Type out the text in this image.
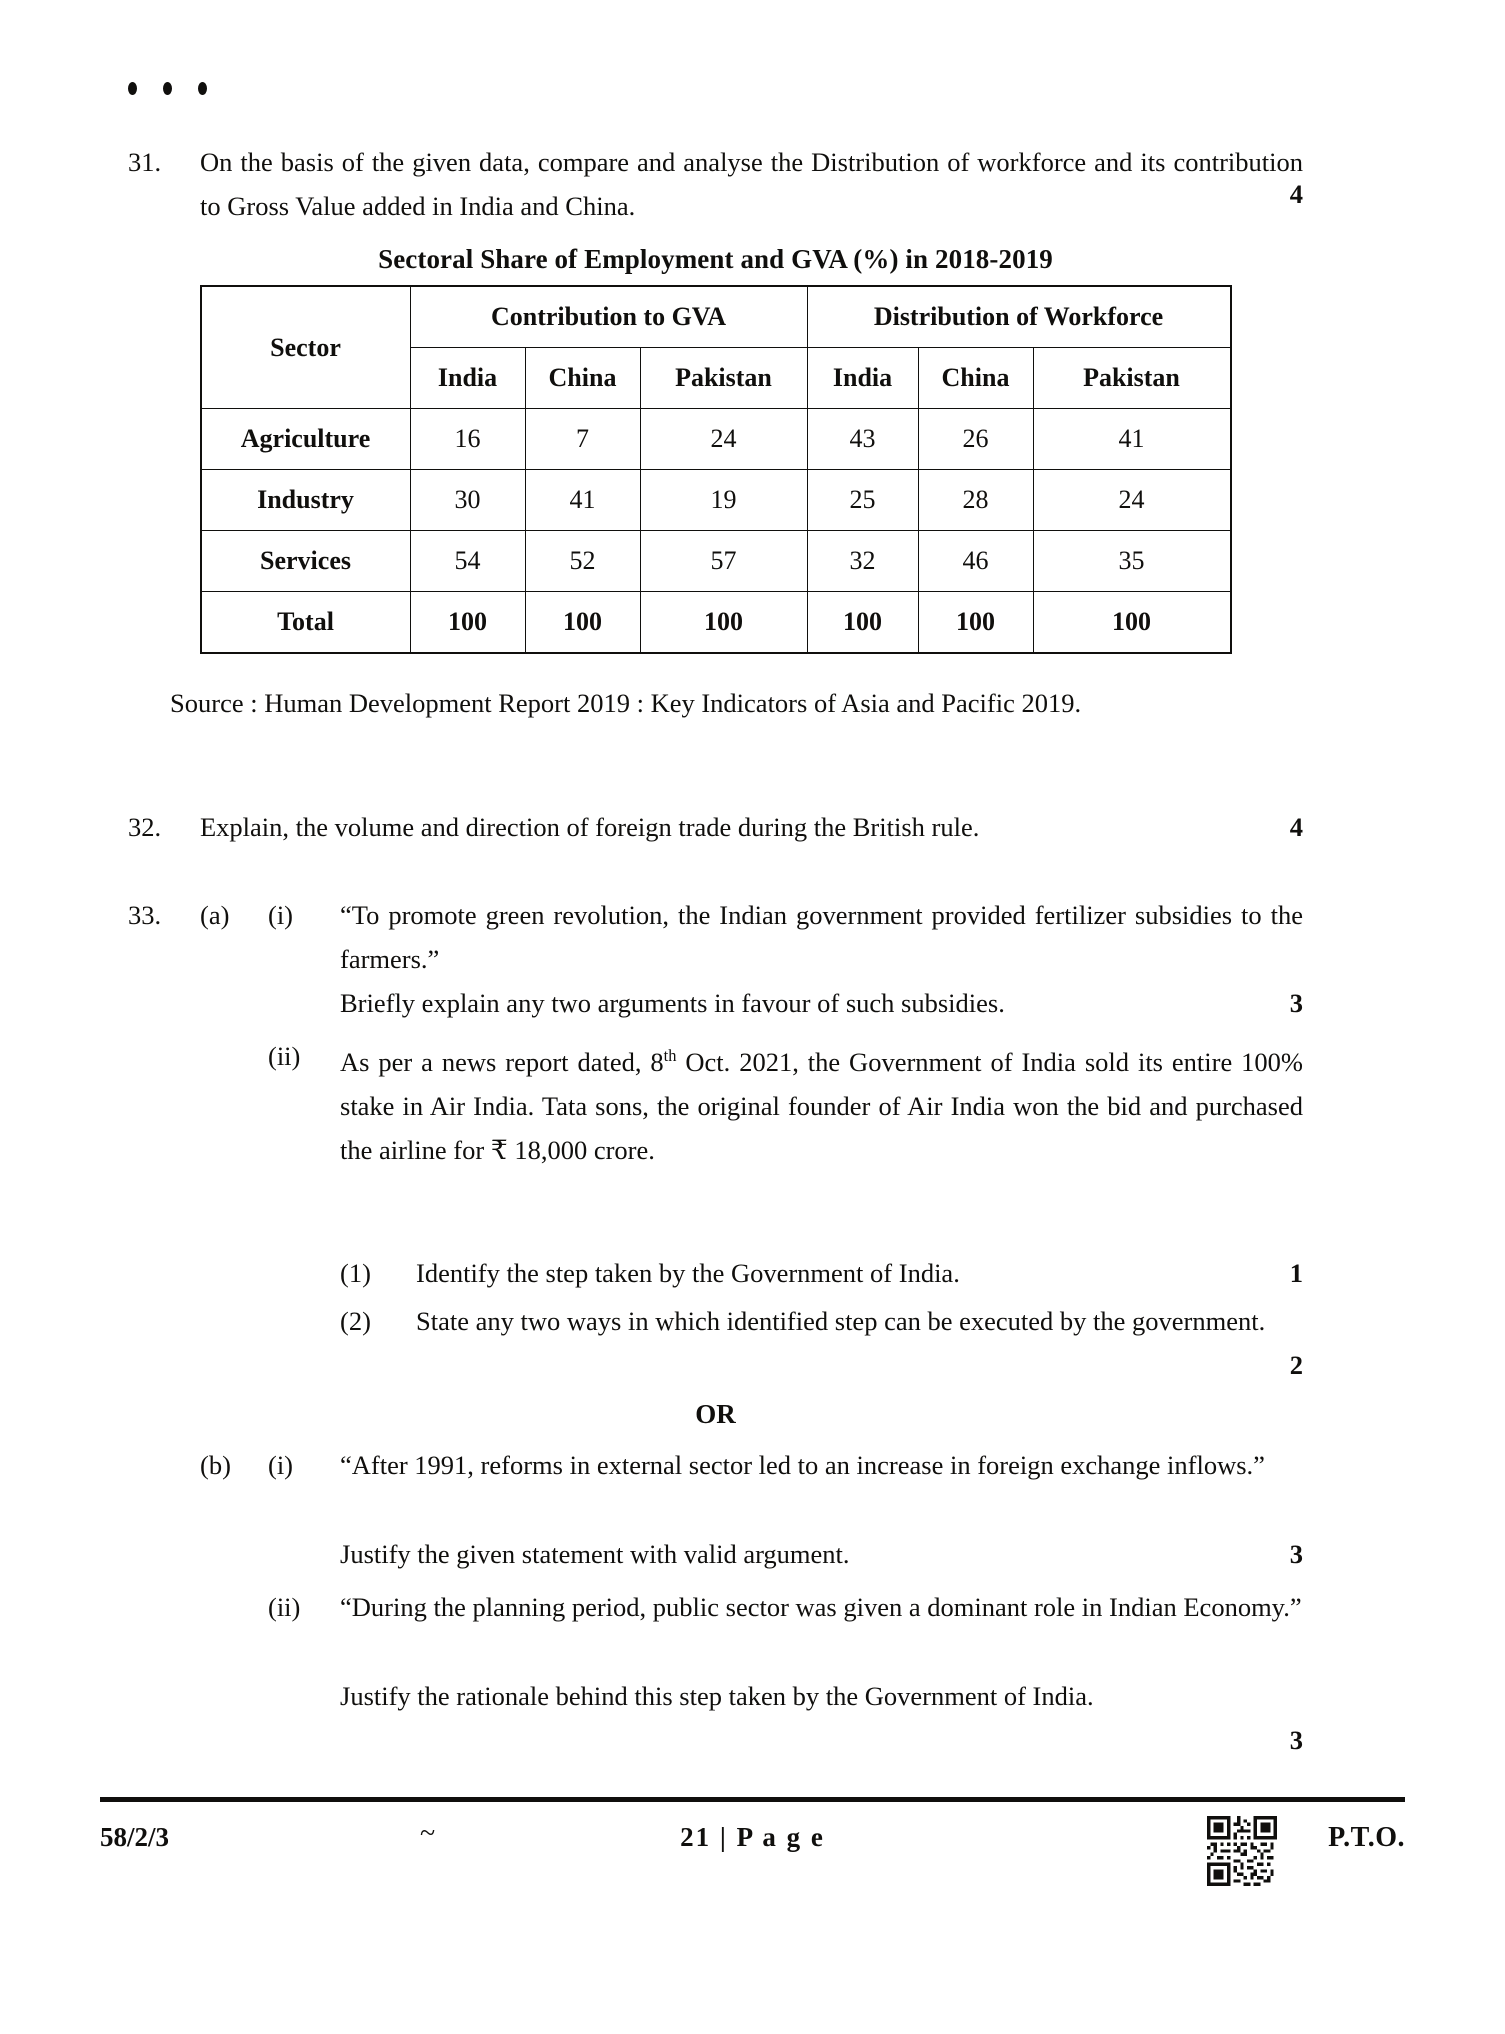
31.	On the basis of the given data, compare and analyse the Distribution of workforce and its contribution to Gross Value added in India and China.	4
Sectoral Share of Employment and GVA (%) in 2018-2019
Sector	Contribution to GVA			Distribution of Workforce		
	India	China	Pakistan	India	China	Pakistan
Agriculture	16	7	24	43	26	41
Industry	30	41	19	25	28	24
Services	54	52	57	32	46	35
Total	100	100	100	100	100	100
Source : Human Development Report 2019 : Key Indicators of Asia and Pacific 2019.
32.	Explain, the volume and direction of foreign trade during the British rule.	4
33.	(a)	(i)	“To promote green revolution, the Indian government provided fertilizer subsidies to the farmers.”
Briefly explain any two arguments in favour of such subsidies.	3
(ii)	As per a news report dated, 8th Oct. 2021, the Government of India sold its entire 100% stake in Air India. Tata sons, the original founder of Air India won the bid and purchased the airline for ₹ 18,000 crore.
(1)	Identify the step taken by the Government of India.	1
(2)	State any two ways in which identified step can be executed by the government.
2
OR
(b)	(i)	“After 1991, reforms in external sector led to an increase in foreign exchange inflows.”
Justify the given statement with valid argument.	3
(ii)	“During the planning period, public sector was given a dominant role in Indian Economy.”
Justify the rationale behind this step taken by the Government of India.
3
58/2/3	~	21 | P a g e	P.T.O.
